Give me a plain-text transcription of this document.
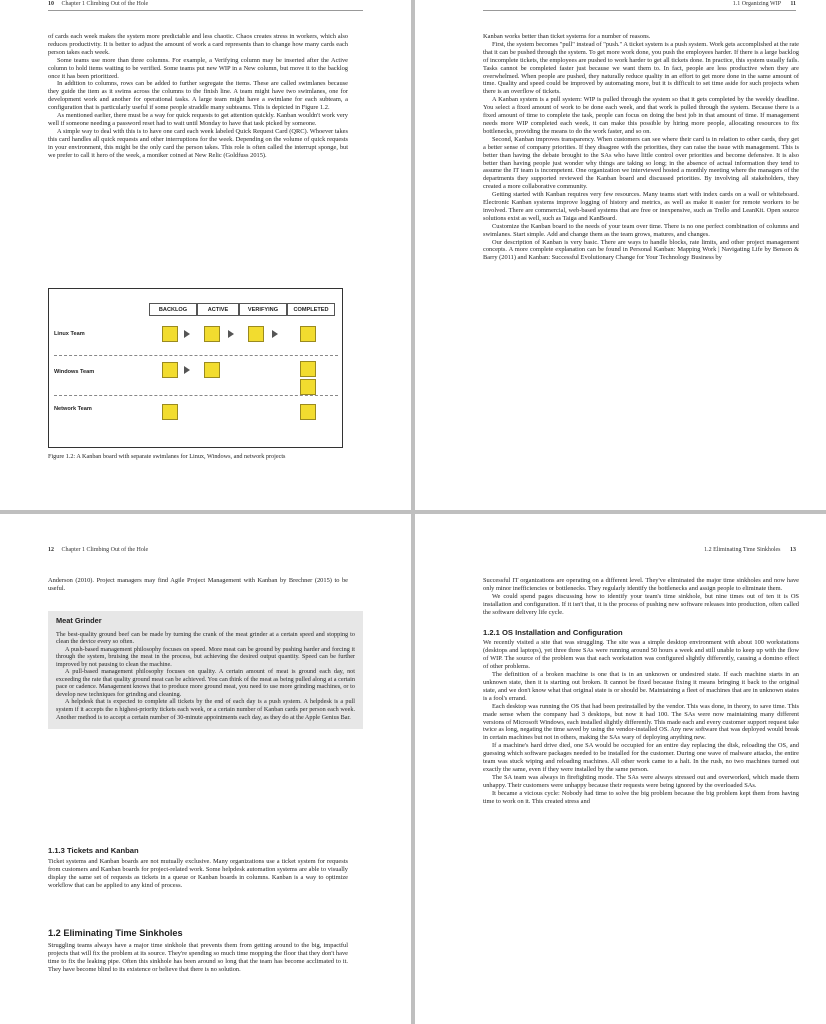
10 Chapter 1 Climbing Out of the Hole

of cards each week makes the system more predictable and less chaotic. Chaos creates stress in workers, which also reduces productivity. It is better to adjust the amount of work a card represents than to change how many cards each person takes each week.

Some teams use more than three columns. For example, a Verifying column may be inserted after the Active column to hold items waiting to be verified. Some teams put new WIP in a New column, but move it to the backlog once it has been prioritized.

In addition to columns, rows can be added to further segregate the items. These are called swimlanes because they guide the item as it swims across the columns to the finish line. A team might have two swimlanes, one for development work and another for operational tasks. A large team might have a swimlane for each subteam, a configuration that is particularly useful if some people straddle many subteams. This is depicted in Figure 1.2.

As mentioned earlier, there must be a way for quick requests to get attention quickly. Kanban wouldn't work very well if someone needing a password reset had to wait until Monday to have that task picked by someone.

A simple way to deal with this is to have one card each week labeled Quick Request Card (QRC). Whoever takes this card handles all quick requests and other interruptions for the week. Depending on the volume of quick requests in your environment, this might be the only card the person takes. This role is often called the interrupt sponge, but we prefer to call it hero of the week, a moniker coined at New Relic (Goldfuss 2015).

BACKLOG	ACTIVE	VERIFYING	COMPLETED
Linux Team
Windows Team
Network Team
Figure 1.2: A Kanban board with separate swimlanes for Linux, Windows, and network projects
1.1 Organizing WIP 11

Kanban works better than ticket systems for a number of reasons.

First, the system becomes "pull" instead of "push." A ticket system is a push system. Work gets accomplished at the rate that it can be pushed through the system. To get more work done, you push the employees harder. If there is a large backlog of incomplete tickets, the employees are pushed to work harder to get all tickets done. In practice, this system usually fails. Tasks cannot be completed faster just because we want them to. In fact, people are less productive when they are overwhelmed. When people are pushed, they naturally reduce quality in an effort to get more done in the same amount of time. Quality and speed could be improved by automating more, but it is difficult to set time aside for such projects when there is an overflow of tickets.

A Kanban system is a pull system: WIP is pulled through the system so that it gets completed by the weekly deadline. You select a fixed amount of work to be done each week, and that work is pulled through the system. Because there is a fixed amount of time to complete the task, people can focus on doing the best job in that amount of time. If management needs more WIP completed each week, it can make this possible by hiring more people, allocating resources to fix bottlenecks, providing the means to do the work faster, and so on.

Second, Kanban improves transparency. When customers can see where their card is in relation to other cards, they get a better sense of company priorities. If they disagree with the priorities, they can raise the issue with management. This is better than having the debate brought to the SAs who have little control over priorities and become defensive. It is also better than having people just wonder why things are taking so long; in the absence of actual information they tend to assume the IT team is incompetent. One organization we interviewed hosted a monthly meeting where the managers of the departments they supported reviewed the Kanban board and discussed priorities. By involving all stakeholders, they created a more collaborative community.

Getting started with Kanban requires very few resources. Many teams start with index cards on a wall or whiteboard. Electronic Kanban systems improve logging of history and metrics, as well as make it easier for remote workers to be involved. There are commercial, web-based systems that are free or inexpensive, such as Trello and LeanKit. Open source solutions exist as well, such as Taiga and KanBoard.

Customize the Kanban board to the needs of your team over time. There is no one perfect combination of columns and swimlanes. Start simple. Add and change them as the team grows, matures, and changes.

Our description of Kanban is very basic. There are ways to handle blocks, rate limits, and other project management concepts. A more complete explanation can be found in Personal Kanban: Mapping Work | Navigating Life by Benson & Barry (2011) and Kanban: Successful Evolutionary Change for Your Technology Business by

12 Chapter 1 Climbing Out of the Hole

Anderson (2010). Project managers may find Agile Project Management with Kanban by Brechner (2015) to be useful.

Meat Grinder

The best-quality ground beef can be made by turning the crank of the meat grinder at a certain speed and stopping to clean the device every so often.

A push-based management philosophy focuses on speed. More meat can be ground by pushing harder and forcing it through the system, bruising the meat in the process, but achieving the desired output quantity. Speed can be further improved by not pausing to clean the machine.

A pull-based management philosophy focuses on quality. A certain amount of meat is ground each day, not exceeding the rate that quality ground meat can be achieved. You can think of the meat as being pulled along at a certain pace or cadence. Management knows that to produce more ground meat, you need to use more grinding machines, or to develop new techniques for grinding and cleaning.

A helpdesk that is expected to complete all tickets by the end of each day is a push system. A helpdesk is a pull system if it accepts the n highest-priority tickets each week, or a certain number of Kanban cards per person each week. Another method is to accept a certain number of 30-minute appointments each day, as they do at the Apple Genius Bar.

1.1.3 Tickets and Kanban

Ticket systems and Kanban boards are not mutually exclusive. Many organizations use a ticket system for requests from customers and Kanban boards for project-related work. Some helpdesk automation systems are able to visually display the same set of requests as tickets in a queue or Kanban boards in columns. Kanban is a way to optimize workflow that can be applied to any kind of process.

1.2 Eliminating Time Sinkholes

Struggling teams always have a major time sinkhole that prevents them from getting around to the big, impactful projects that will fix the problem at its source. They're spending so much time mopping the floor that they don't have time to fix the leaking pipe. Often this sinkhole has been around so long that the team has become acclimated to it. They have become blind to its existence or believe that there is no solution.

1.2 Eliminating Time Sinkholes 13

Successful IT organizations are operating on a different level. They've eliminated the major time sinkholes and now have only minor inefficiencies or bottlenecks. They regularly identify the bottlenecks and assign people to eliminate them.

We could spend pages discussing how to identify your team's time sinkhole, but nine times out of ten it is OS installation and configuration. If it isn't that, it is the process of pushing new software releases into production, often called the software delivery life cycle.

1.2.1 OS Installation and Configuration

We recently visited a site that was struggling. The site was a simple desktop environment with about 100 workstations (desktops and laptops), yet three three SAs were running around 50 hours a week and still unable to keep up with the flow of WIP. The source of the problem was that each workstation was configured slightly differently, causing a domino effect of other problems.

The definition of a broken machine is one that is in an unknown or undesired state. If each machine starts in an unknown state, then it is starting out broken. It cannot be fixed because fixing it means bringing it back to the original state, and we don't know what that original state is or should be. Maintaining a fleet of machines that are in unknown states is a fool's errand.

Each desktop was running the OS that had been preinstalled by the vendor. This was done, in theory, to save time. This made sense when the company had 3 desktops, but now it had 100. The SAs were now maintaining many different versions of Microsoft Windows, each installed slightly differently. This made each and every customer support request take twice as long, negating the time saved by using the vendor-installed OS. Any new software that was deployed would break in certain machines but not in others, making the SAs wary of deploying anything new.

If a machine's hard drive died, one SA would be occupied for an entire day replacing the disk, reloading the OS, and guessing which software packages needed to be installed for the customer. During one wave of malware attacks, the entire team was stuck wiping and reloading machines. All other work came to a halt. In the rush, no two machines turned out exactly the same, even if they were installed by the same person.

The SA team was always in firefighting mode. The SAs were always stressed out and overworked, which made them unhappy. Their customers were unhappy because their requests were being ignored by the overloaded SAs.

It became a vicious cycle: Nobody had time to solve the big problem because the big problem kept them from having time to work on it. This created stress and
